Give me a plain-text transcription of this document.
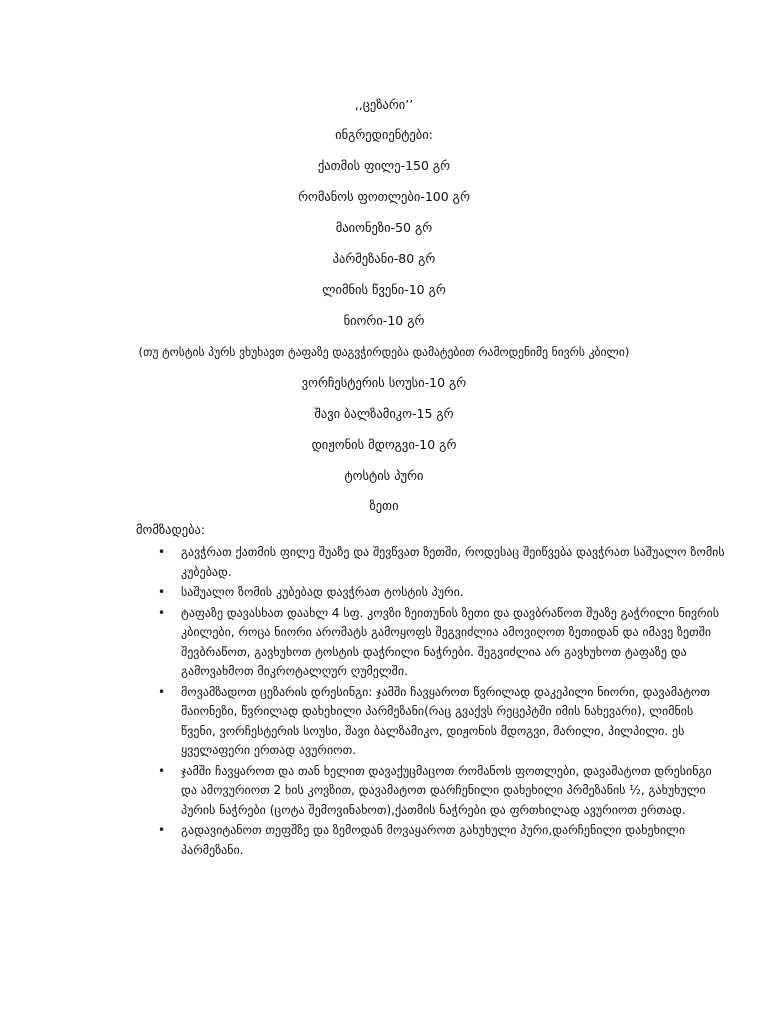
,,ცეზარი’’
ინგრედიენტები:
ქათმის ფილე-150 გრ
რომანოს ფოთლები-100 გრ
მაიონეზი-50 გრ
პარმეზანი-80 გრ
ლიმნის წვენი-10 გრ
ნიორი-10 გრ
(თუ ტოსტის პურს ვხუხავთ ტაფაზე დაგვჭირდება დამატებით რამოდენიმე ნივრს კბილი)
ვორჩესტერის სოუსი-10 გრ
შავი ბალზამიკო-15 გრ
დიჟონის მდოგვი-10 გრ
ტოსტის პური
ზეთი
მომზადება:
• გავჭრათ ქათმის ფილე შუაზე და შევწვათ ზეთში, როდესაც შეიწვება დავჭრათ საშუალო ზომის კუბებად.
• საშუალო ზომის კუბებად დავჭრათ ტოსტის პური.
• ტაფაზე დავასხათ დაახლ 4 სფ. კოვზი ზეითუნის ზეთი და დავბრაწოთ შუაზე გაჭრილი ნივრის კბილები, როცა ნიორი არომატს გამოყოფს შეგვიძლია ამოვიღოთ ზეთიდან და იმავე ზეთში შევბრაწოთ, გავხუხოთ ტოსტის დაჭრილი ნაჭრები. შეგვიძლია არ გავხუხოთ ტაფაზე და გამოვახმოთ მიკროტალღურ ღუმელში.
• მოვამზადოთ ცეზარის დრესინგი: ჯამში ჩავყაროთ წვრილად დაკეპილი ნიორი, დავამატოთ მაიონეზი, წვრილად დახეხილი პარმეზანი(რაც გვაქვს რეცეპტში იმის ნახევარი), ლიმნის წვენი, ვორჩესტერის სოუსი, შავი ბალზამიკო, დიჟონის მდოგვი, მარილი, პილპილი. ეს ყველაფერი ერთად ავურიოთ.
• ჯამში ჩავყაროთ და თან ხელით დავაქუცმაცოთ რომანოს ფოთლები, დავამატოთ დრესინგი და ამოვურიოთ 2 ხის კოვზით, დავამატოთ დარჩენილი დახეხილი პრმეზანის ½, გახუხული პურის ნაჭრები (ცოტა შემოვინახოთ),ქათმის ნაჭრები და ფრთხილად ავურიოთ ერთად.
• გადავიტანოთ თეფშზე და ზემოდან მოვაყაროთ გახუხული პური,დარჩენილი დახეხილი პარმეზანი.
